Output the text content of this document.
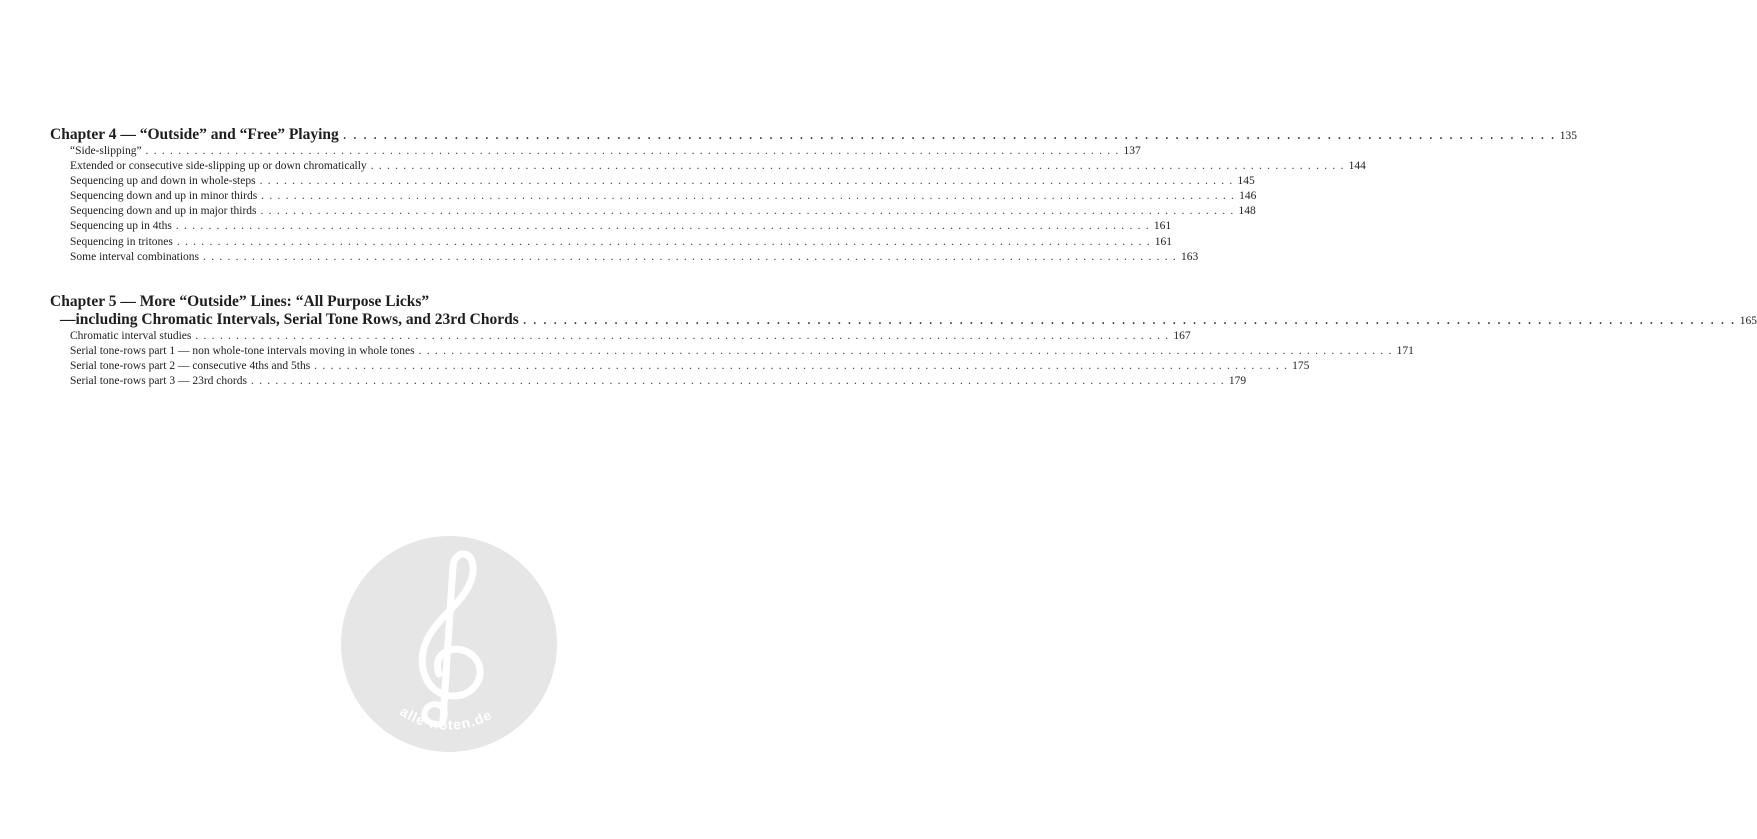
Chapter 4 — “Outside” and “Free” Playing . . . . . . . . . . . . . . . . . . . . . . . . . . . . . . . . . . . . . . . . . . . . . . . . . . . . . . . . . . . . . . . . . . . . . . . . . . . . . . . . . . . . . . . . . . . . . . . . . . . . . . . . . . . . . . . . . . . . . . . . 135
“Side-slipping” . . . . . . . . . . . . . . . . . . . . . . . . . . . . . . . . . . . . . . . . . . . . . . . . . . . . . . . . . . . . . . . . . . . . . . . . . . . . . . . . . . . . . . . . . . . . . . . . . . . . . . . . . . . . . . . . . . . . . . . . 137
Extended or consecutive side-slipping up or down chromatically . . . . . . . . . . . . . . . . . . . . . . . . . . . . . . . . . . . . . . . . . . . . . . . . . . . . . . . . . . . . . . . . . . . . . . . . . . . . . . . . . . . . . . . . . . . . . . . . . . . . . . . . . . . . . . . . . . . . . . . . 144
Sequencing up and down in whole-steps . . . . . . . . . . . . . . . . . . . . . . . . . . . . . . . . . . . . . . . . . . . . . . . . . . . . . . . . . . . . . . . . . . . . . . . . . . . . . . . . . . . . . . . . . . . . . . . . . . . . . . . . . . . . . . . . . . . . . . . . 145
Sequencing down and up in minor thirds . . . . . . . . . . . . . . . . . . . . . . . . . . . . . . . . . . . . . . . . . . . . . . . . . . . . . . . . . . . . . . . . . . . . . . . . . . . . . . . . . . . . . . . . . . . . . . . . . . . . . . . . . . . . . . . . . . . . . . . . 146
Sequencing down and up in major thirds . . . . . . . . . . . . . . . . . . . . . . . . . . . . . . . . . . . . . . . . . . . . . . . . . . . . . . . . . . . . . . . . . . . . . . . . . . . . . . . . . . . . . . . . . . . . . . . . . . . . . . . . . . . . . . . . . . . . . . . . 148
Sequencing up in 4ths . . . . . . . . . . . . . . . . . . . . . . . . . . . . . . . . . . . . . . . . . . . . . . . . . . . . . . . . . . . . . . . . . . . . . . . . . . . . . . . . . . . . . . . . . . . . . . . . . . . . . . . . . . . . . . . . . . . . . . . . 161
Sequencing in tritones . . . . . . . . . . . . . . . . . . . . . . . . . . . . . . . . . . . . . . . . . . . . . . . . . . . . . . . . . . . . . . . . . . . . . . . . . . . . . . . . . . . . . . . . . . . . . . . . . . . . . . . . . . . . . . . . . . . . . . . . 161
Some interval combinations . . . . . . . . . . . . . . . . . . . . . . . . . . . . . . . . . . . . . . . . . . . . . . . . . . . . . . . . . . . . . . . . . . . . . . . . . . . . . . . . . . . . . . . . . . . . . . . . . . . . . . . . . . . . . . . . . . . . . . . . 163
Chapter 5 — More “Outside” Lines: “All Purpose Licks”
—including Chromatic Intervals, Serial Tone Rows, and 23rd Chords . . . . . . . . . . . . . . . . . . . . . . . . . . . . . . . . . . . . . . . . . . . . . . . . . . . . . . . . . . . . . . . . . . . . . . . . . . . . . . . . . . . . . . . . . . . . . . . . . . . . . . . . . . . . . . . . . . . . . . . . 165
Chromatic interval studies . . . . . . . . . . . . . . . . . . . . . . . . . . . . . . . . . . . . . . . . . . . . . . . . . . . . . . . . . . . . . . . . . . . . . . . . . . . . . . . . . . . . . . . . . . . . . . . . . . . . . . . . . . . . . . . . . . . . . . . . 167
Serial tone-rows part 1 — non whole-tone intervals moving in whole tones . . . . . . . . . . . . . . . . . . . . . . . . . . . . . . . . . . . . . . . . . . . . . . . . . . . . . . . . . . . . . . . . . . . . . . . . . . . . . . . . . . . . . . . . . . . . . . . . . . . . . . . . . . . . . . . . . . . . . . . . 171
Serial tone-rows part 2 — consecutive 4ths and 5ths . . . . . . . . . . . . . . . . . . . . . . . . . . . . . . . . . . . . . . . . . . . . . . . . . . . . . . . . . . . . . . . . . . . . . . . . . . . . . . . . . . . . . . . . . . . . . . . . . . . . . . . . . . . . . . . . . . . . . . . . 175
Serial tone-rows part 3 — 23rd chords . . . . . . . . . . . . . . . . . . . . . . . . . . . . . . . . . . . . . . . . . . . . . . . . . . . . . . . . . . . . . . . . . . . . . . . . . . . . . . . . . . . . . . . . . . . . . . . . . . . . . . . . . . . . . . . . . . . . . . . . 179
alle-noten.de
